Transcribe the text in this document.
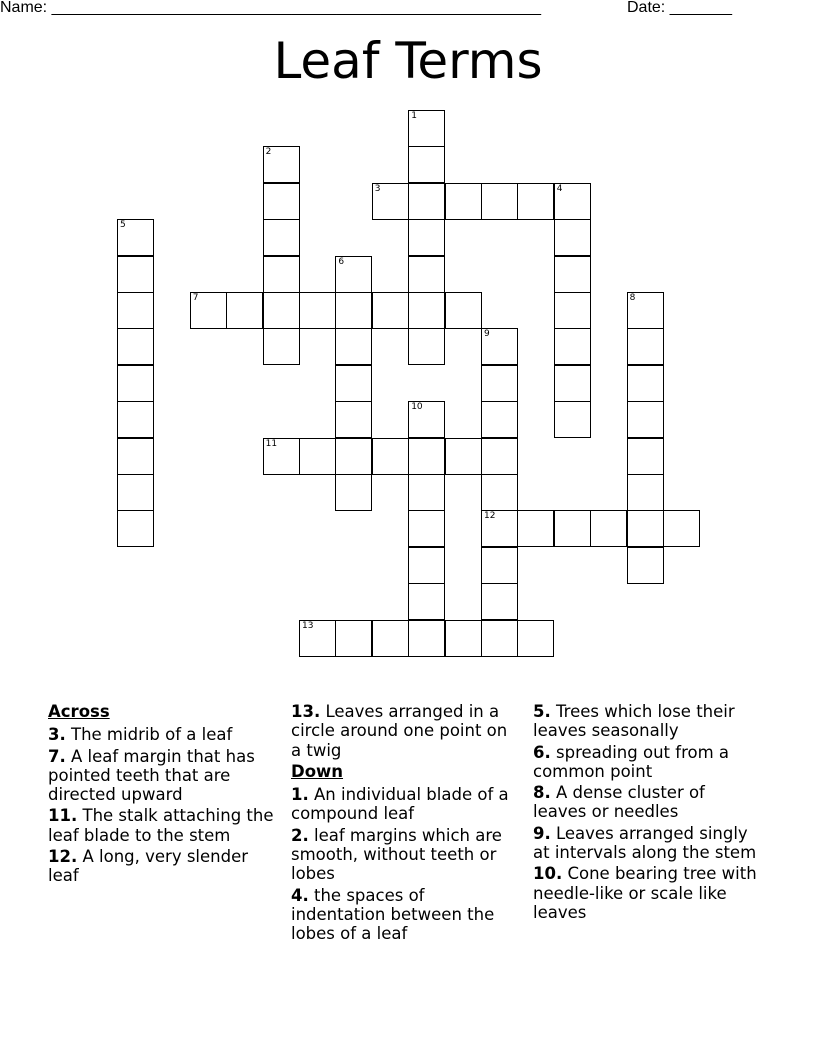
Name: _______________________________________________________	Date: _______
Leaf Terms
1
2
3	4
5
6
7	8
9
12
10
11
13
Across
3. The midrib of a leaf
7. A leaf margin that has pointed teeth that are directed upward
11. The stalk attaching the leaf blade to the stem
12. A long, very slender leaf
13. Leaves arranged in a circle around one point on a twig
Down
1. An individual blade of a compound leaf
2. leaf margins which are smooth, without teeth or lobes
4. the spaces of indentation between the lobes of a leaf
5. Trees which lose their leaves seasonally
6. spreading out from a common point
8. A dense cluster of leaves or needles
9. Leaves arranged singly at intervals along the stem
10. Cone bearing tree with needle-like or scale like leaves
